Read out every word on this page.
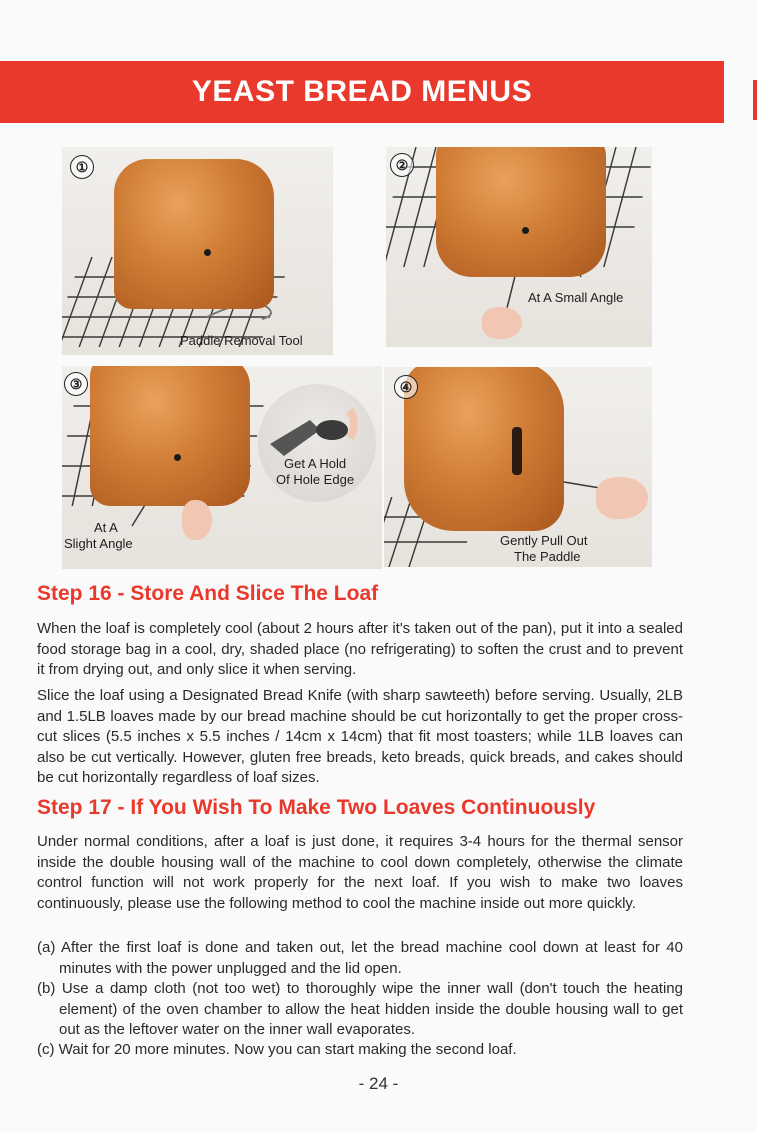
YEAST BREAD MENUS
①
Paddle Removal Tool
②
At A Small Angle
③
Get A Hold
Of Hole Edge
At A
Slight Angle
④
Gently Pull Out
The Paddle
Step 16 - Store And Slice The Loaf

When the loaf is completely cool (about 2 hours after it's taken out of the pan), put it into a sealed food storage bag in a cool, dry, shaded place (no refrigerating) to soften the crust and to prevent it from drying out, and only slice it when serving.

Slice the loaf using a Designated Bread Knife (with sharp sawteeth) before serving. Usually, 2LB and 1.5LB loaves made by our bread machine should be cut horizontally to get the proper cross-cut slices (5.5 inches x 5.5 inches / 14cm x 14cm) that fit most toasters; while 1LB loaves can also be cut vertically. However, gluten free breads, keto breads, quick breads, and cakes should be cut horizontally regardless of loaf sizes.

Step 17 - If You Wish To Make Two Loaves Continuously

Under normal conditions, after a loaf is just done, it requires 3-4 hours for the thermal sensor inside the double housing wall of the machine to cool down completely, otherwise the climate control function will not work properly for the next loaf. If you wish to make two loaves continuously, please use the following method to cool the machine inside out more quickly.

(a) After the first loaf is done and taken out, let the bread machine cool down at least for 40 minutes with the power unplugged and the lid open.

(b) Use a damp cloth (not too wet) to thoroughly wipe the inner wall (don't touch the heating element) of the oven chamber to allow the heat hidden inside the double housing wall to get out as the leftover water on the inner wall evaporates.

(c) Wait for 20 more minutes. Now you can start making the second loaf.

- 24 -
